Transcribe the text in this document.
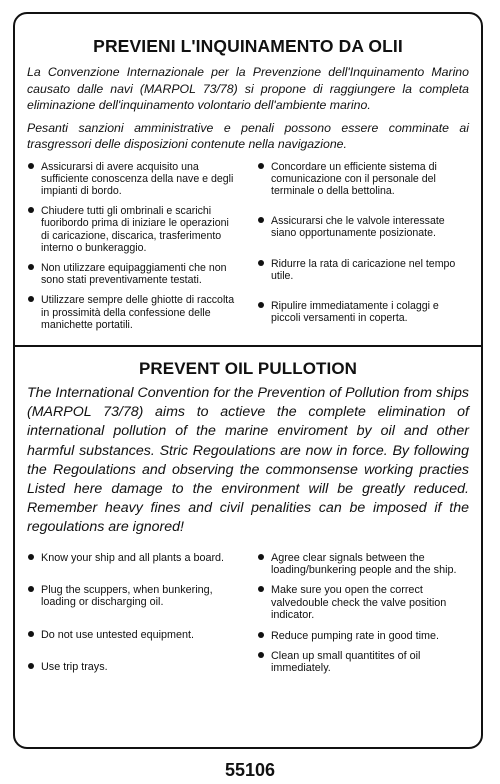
PREVIENI L'INQUINAMENTO DA OLII

La Convenzione Internazionale per la Prevenzione dell'Inquinamento Marino causato dalle navi (MARPOL 73/78) si propone di raggiungere la completa eliminazione dell'inquinamento volontario dell'ambiente marino.

Pesanti sanzioni amministrative e penali possono essere comminate ai trasgressori delle disposizioni contenute nella navigazione.

Assicurarsi di avere acquisito una sufficiente conoscenza della nave e degli impianti di bordo.
Chiudere tutti gli ombrinali e scarichi fuoribordo prima di iniziare le operazioni di caricazione, discarica, trasferimento interno o bunkeraggio.
Non utilizzare equipaggiamenti che non sono stati preventivamente testati.
Utilizzare sempre delle ghiotte di raccolta in prossimità della confessione delle manichette portatili.
Concordare un efficiente sistema di comunicazione con il personale del terminale o della bettolina.
Assicurarsi che le valvole interessate siano opportunamente posizionate.
Ridurre la rata di caricazione nel tempo utile.
Ripulire immediatamente i colaggi e piccoli versamenti in coperta.
PREVENT OIL PULLOTION

The International Convention for the Prevention of Pollution from ships (MARPOL 73/78) aims to actieve the complete elimination of international pollution of the marine enviroment by oil and other harmful substances. Stric Regoulations are now in force. By following the Regoulations and observing the commonsense working practies Listed here damage to the environment will be greatly reduced. Remember heavy fines and civil penalities can be imposed if the regoulations are ignored!

Know your ship and all plants a board.
Plug the scuppers, when bunkering, loading or discharging oil.
Do not use untested equipment.
Use trip trays.
Agree clear signals between the loading/bunkering people and the ship.
Make sure you open the correct valvedouble check the valve position indicator.
Reduce pumping rate in good time.
Clean up small quantitites of oil immediately.
55106
